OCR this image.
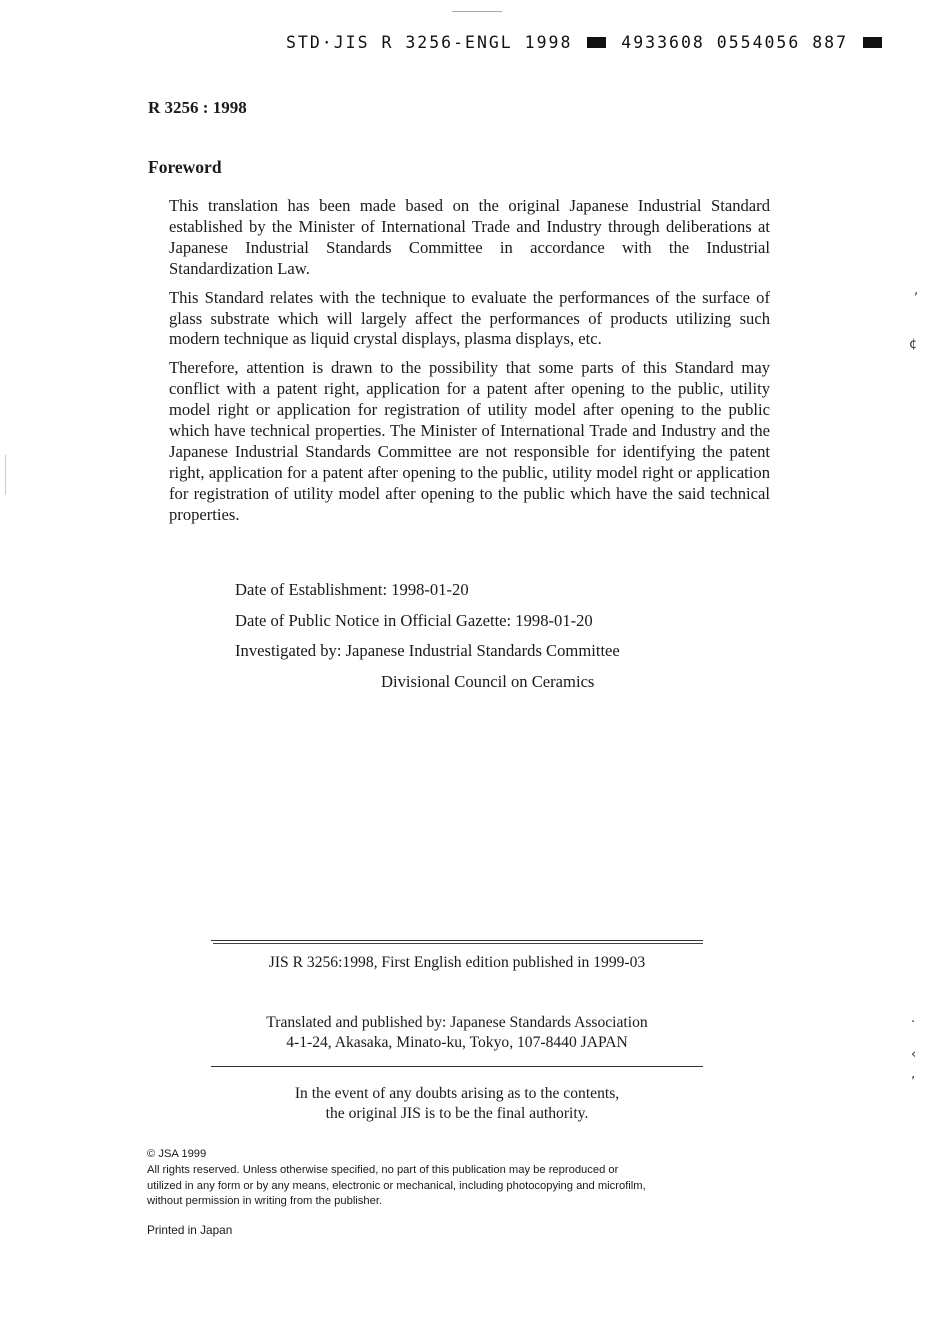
STD·JIS R 3256-ENGL 1998	4933608 0554056 887
R 3256 : 1998
Foreword

This translation has been made based on the original Japanese Industrial Standard established by the Minister of International Trade and Industry through deliberations at Japanese Industrial Standards Committee in accordance with the Industrial Standardization Law.

This Standard relates with the technique to evaluate the performances of the surface of glass substrate which will largely affect the performances of products utilizing such modern technique as liquid crystal displays, plasma displays, etc.

Therefore, attention is drawn to the possibility that some parts of this Standard may conflict with a patent right, application for a patent after opening to the public, utility model right or application for registration of utility model after opening to the public which have technical properties. The Minister of International Trade and Industry and the Japanese Industrial Standards Committee are not responsible for identifying the patent right, application for a patent after opening to the public, utility model right or application for registration of utility model after opening to the public which have the said technical properties.

Date of Establishment: 1998-01-20
Date of Public Notice in Official Gazette: 1998-01-20
Investigated by: Japanese Industrial Standards Committee
Divisional Council on Ceramics
JIS R 3256:1998, First English edition published in 1999-03
Translated and published by: Japanese Standards Association
4-1-24, Akasaka, Minato-ku, Tokyo, 107-8440 JAPAN
In the event of any doubts arising as to the contents,
the original JIS is to be the final authority.
© JSA 1999
All rights reserved. Unless otherwise specified, no part of this publication may be reproduced or
utilized in any form or by any means, electronic or mechanical, including photocopying and microfilm,
without permission in writing from the publisher.
Printed in Japan
,
¢
·
‹
’
